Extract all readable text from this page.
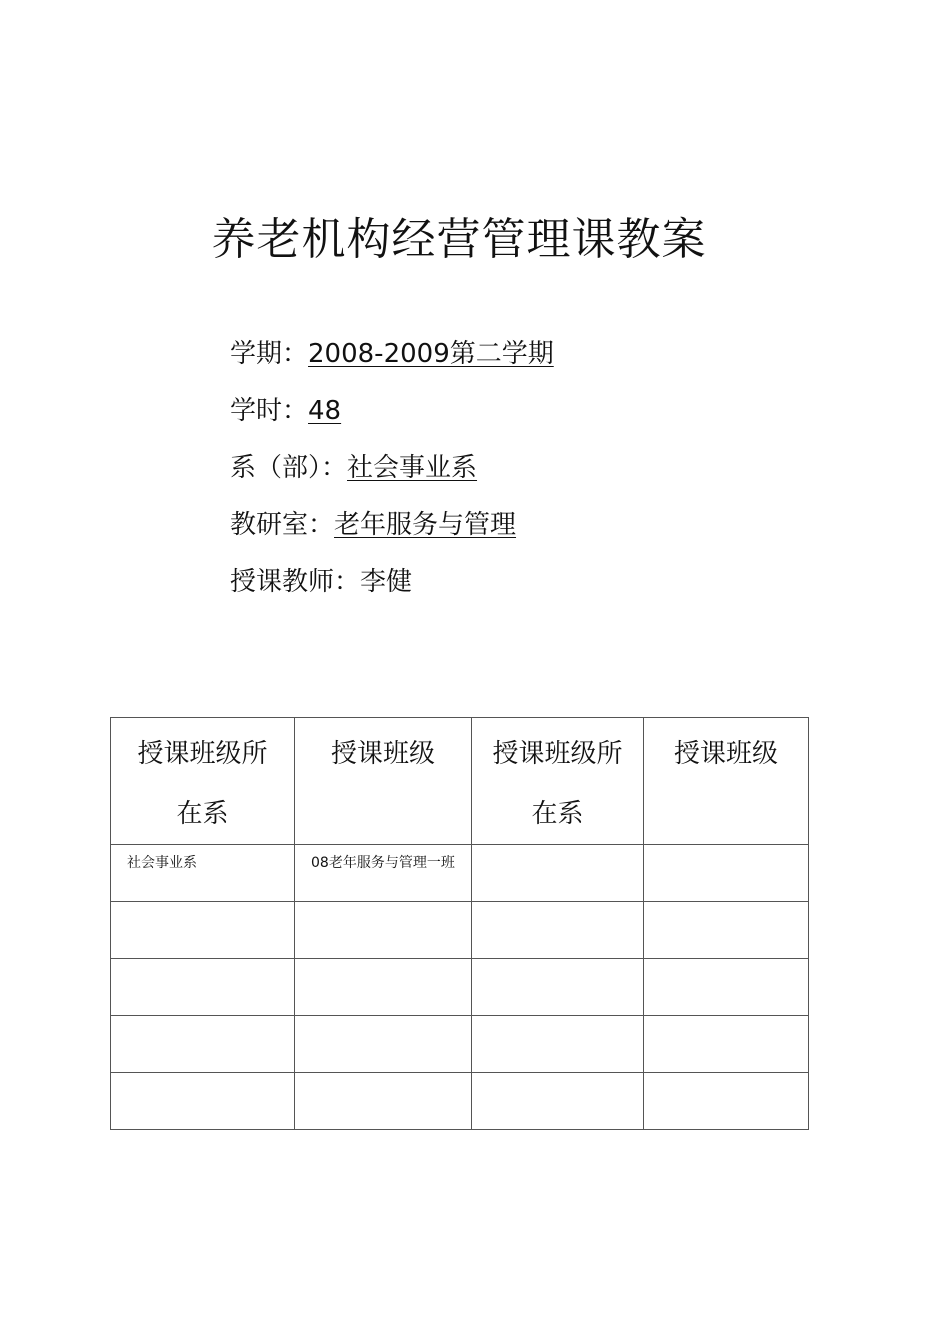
养老机构经营管理课教案
学期：2008-2009第二学期
学时：48
系（部）：社会事业系
教研室：老年服务与管理
授课教师：李健
授课班级所在系	授课班级	授课班级所在系	授课班级

社会事业系	08老年服务与管理一班		
